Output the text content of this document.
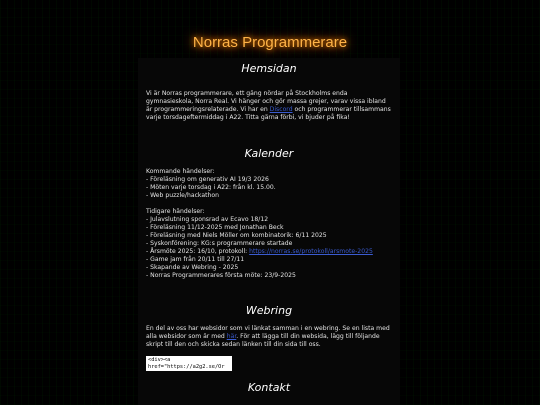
Norras Programmerare
Hemsidan

Vi är Norras programmerare, ett gäng nördar på Stockholms enda gymnasieskola, Norra Real. Vi hänger och gör massa grejer, varav vissa ibland är programmeringsrelaterade. Vi har en Discord och programmerar tillsammans varje torsdageftermiddag i A22. Titta gärna förbi, vi bjuder på fika!

Kalender
Kommande händelser:
- Föreläsning om generativ AI 19/3 2026
- Möten varje torsdag i A22: från kl. 15.00.
- Web puzzle/hackathon
Tidigare händelser:
- Julavslutning sponsrad av Ecavo 18/12
- Föreläsning 11/12-2025 med Jonathan Beck
- Föreläsning med Niels Möller om kombinatorik: 6/11 2025
- Syskonförening: KG:s programmerare startade
- Årsmöte 2025: 16/10, protokoll: https://norras.se/protokoll/arsmote-2025
- Game jam från 20/11 till 27/11
- Skapande av Webring - 2025
- Norras Programmerares första möte: 23/9-2025
Webring

En del av oss har websidor som vi länkat samman i en webring. Se en lista med alla websidor som är med här. För att lägga till din websida, lägg till följande skript till den och skicka sedan länken till din sida till oss.

<div><a
href="https://a2g2.se/Or
Kontakt
